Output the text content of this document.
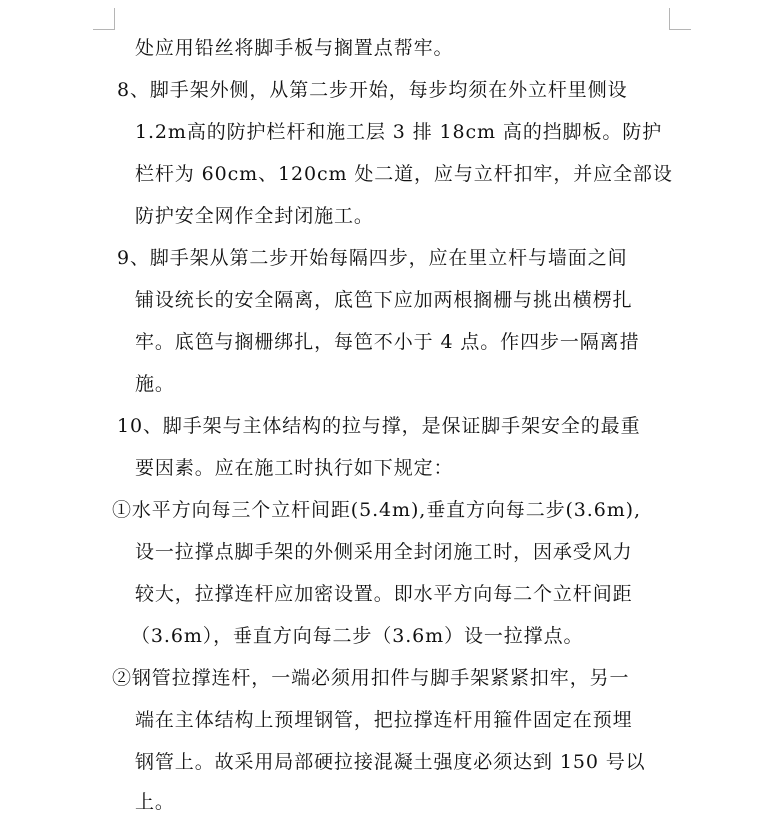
处应用铅丝将脚手板与搁置点帮牢。
8、脚手架外侧，从第二步开始，每步均须在外立杆里侧设
1.2m高的防护栏杆和施工层 3 排 18cm 高的挡脚板。防护
栏杆为 60cm、120cm 处二道，应与立杆扣牢，并应全部设
防护安全网作全封闭施工。
9、脚手架从第二步开始每隔四步，应在里立杆与墙面之间
铺设统长的安全隔离，底笆下应加两根搁栅与挑出横楞扎
牢。底笆与搁栅绑扎，每笆不小于 4 点。作四步一隔离措
施。
10、脚手架与主体结构的拉与撑，是保证脚手架安全的最重
要因素。应在施工时执行如下规定：
①水平方向每三个立杆间距(5.4m),垂直方向每二步(3.6m),
设一拉撑点脚手架的外侧采用全封闭施工时，因承受风力
较大，拉撑连杆应加密设置。即水平方向每二个立杆间距
（3.6m），垂直方向每二步（3.6m）设一拉撑点。
②钢管拉撑连杆，一端必须用扣件与脚手架紧紧扣牢，另一
端在主体结构上预埋钢管，把拉撑连杆用箍件固定在预埋
钢管上。故采用局部硬拉接混凝土强度必须达到 150 号以
上。
